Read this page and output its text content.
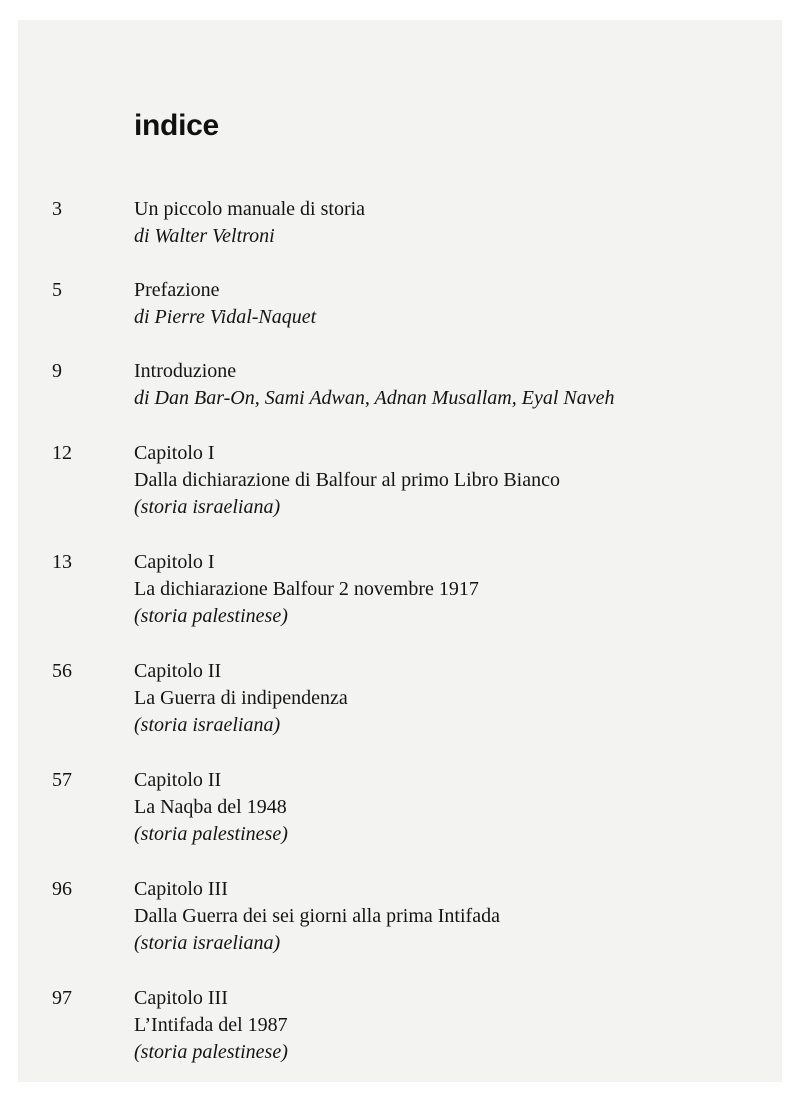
indice
3	Un piccolo manuale di storia
di Walter Veltroni
5	Prefazione
di Pierre Vidal-Naquet
9	Introduzione
di Dan Bar-On, Sami Adwan, Adnan Musallam, Eyal Naveh
12	Capitolo I
Dalla dichiarazione di Balfour al primo Libro Bianco
(storia israeliana)
13	Capitolo I
La dichiarazione Balfour 2 novembre 1917
(storia palestinese)
56	Capitolo II
La Guerra di indipendenza
(storia israeliana)
57	Capitolo II
La Naqba del 1948
(storia palestinese)
96	Capitolo III
Dalla Guerra dei sei giorni alla prima Intifada
(storia israeliana)
97	Capitolo III
L’Intifada del 1987
(storia palestinese)
